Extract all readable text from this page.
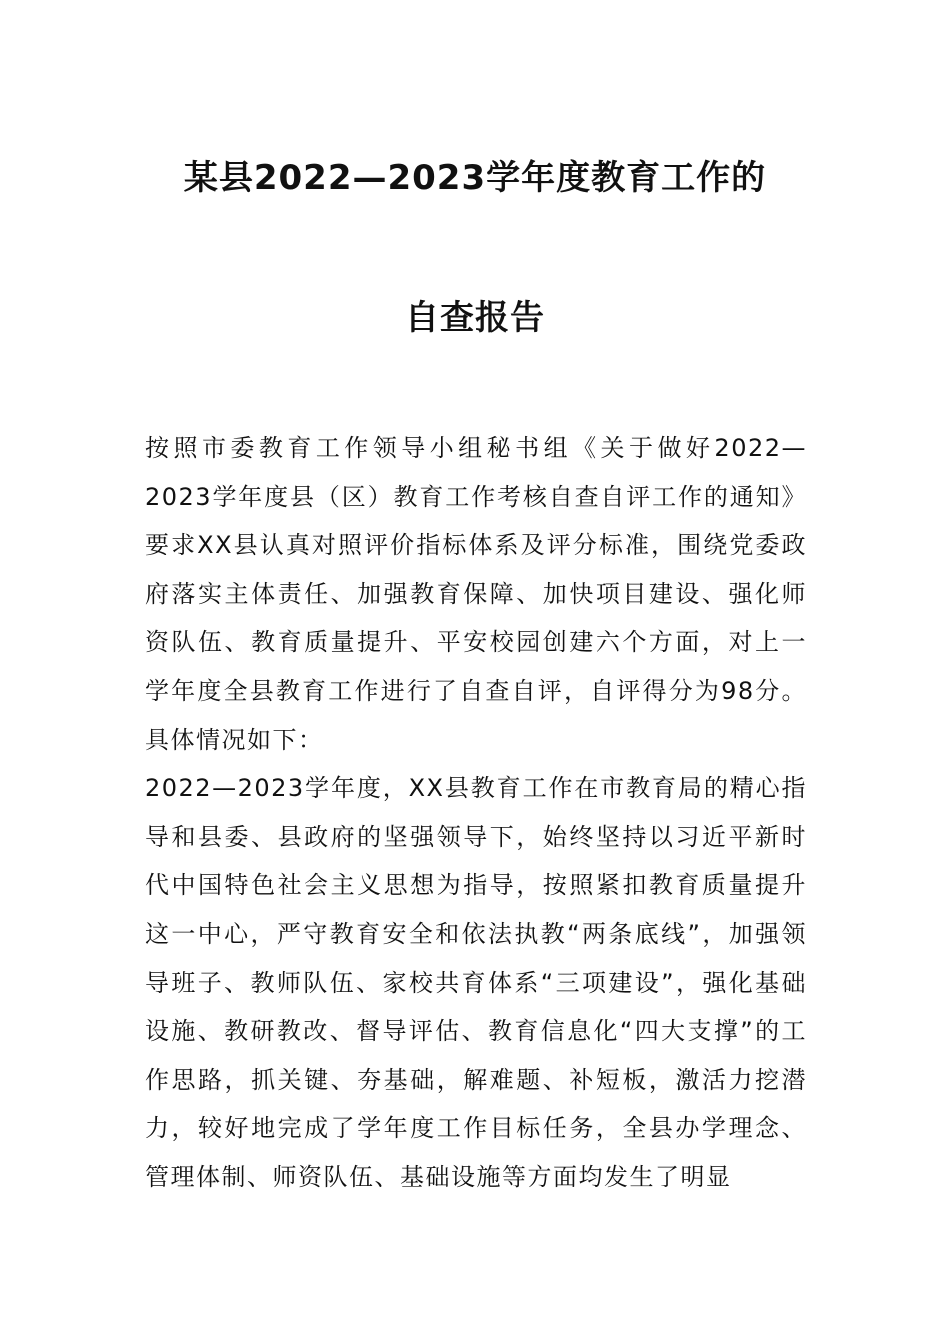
某县2022—2023学年度教育工作的
自查报告

按照市委教育工作领导小组秘书组《关于做好2022—2023学年度县（区）教育工作考核自查自评工作的通知》要求XX县认真对照评价指标体系及评分标准，围绕党委政府落实主体责任、加强教育保障、加快项目建设、强化师资队伍、教育质量提升、平安校园创建六个方面，对上一学年度全县教育工作进行了自查自评，自评得分为98分。具体情况如下：

2022—2023学年度，XX县教育工作在市教育局的精心指导和县委、县政府的坚强领导下，始终坚持以习近平新时代中国特色社会主义思想为指导，按照紧扣教育质量提升这一中心，严守教育安全和依法执教“两条底线”，加强领导班子、教师队伍、家校共育体系“三项建设”，强化基础设施、教研教改、督导评估、教育信息化“四大支撑”的工作思路，抓关键、夯基础，解难题、补短板，激活力挖潜力，较好地完成了学年度工作目标任务，全县办学理念、管理体制、师资队伍、基础设施等方面均发生了明显
